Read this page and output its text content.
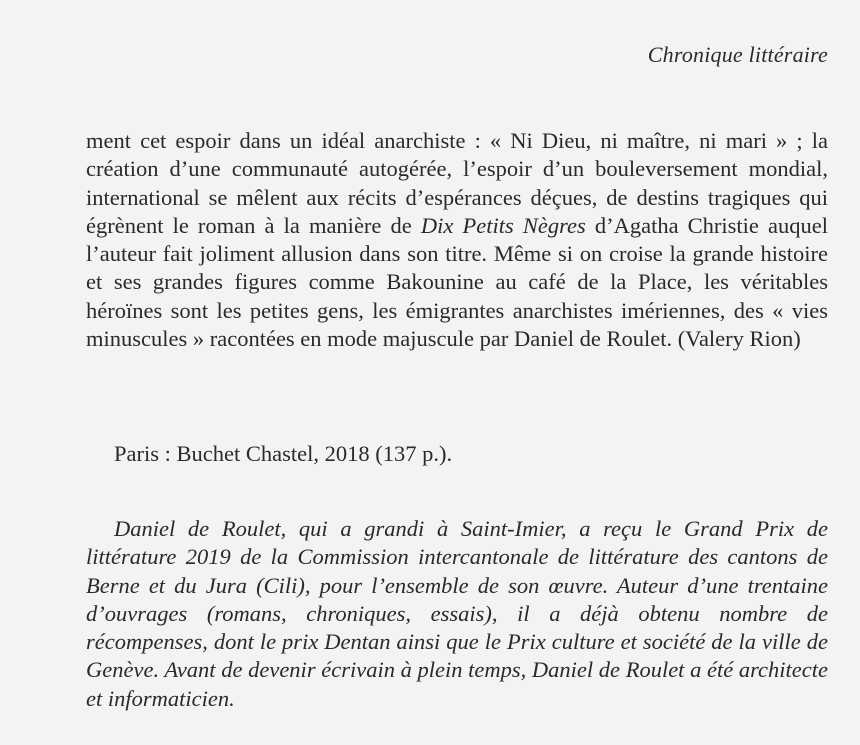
Chronique littéraire

ment cet espoir dans un idéal anarchiste : « Ni Dieu, ni maître, ni mari » ; la création d’une communauté autogérée, l’espoir d’un bouleversement mondial, international se mêlent aux récits d’espérances déçues, de destins tragiques qui égrènent le roman à la manière de Dix Petits Nègres d’Agatha Christie auquel l’auteur fait joliment allusion dans son titre. Même si on croise la grande histoire et ses grandes figures comme Bakounine au café de la Place, les véritables héroïnes sont les petites gens, les émigrantes anarchistes imériennes, des « vies minuscules » racontées en mode majuscule par Daniel de Roulet. (Valery Rion)

Paris : Buchet Chastel, 2018 (137 p.).

Daniel de Roulet, qui a grandi à Saint-Imier, a reçu le Grand Prix de littérature 2019 de la Commission intercantonale de littérature des cantons de Berne et du Jura (Cili), pour l’ensemble de son œuvre. Auteur d’une trentaine d’ouvrages (romans, chroniques, essais), il a déjà obtenu nombre de récompenses, dont le prix Dentan ainsi que le Prix culture et société de la ville de Genève. Avant de devenir écrivain à plein temps, Daniel de Roulet a été architecte et informaticien.
